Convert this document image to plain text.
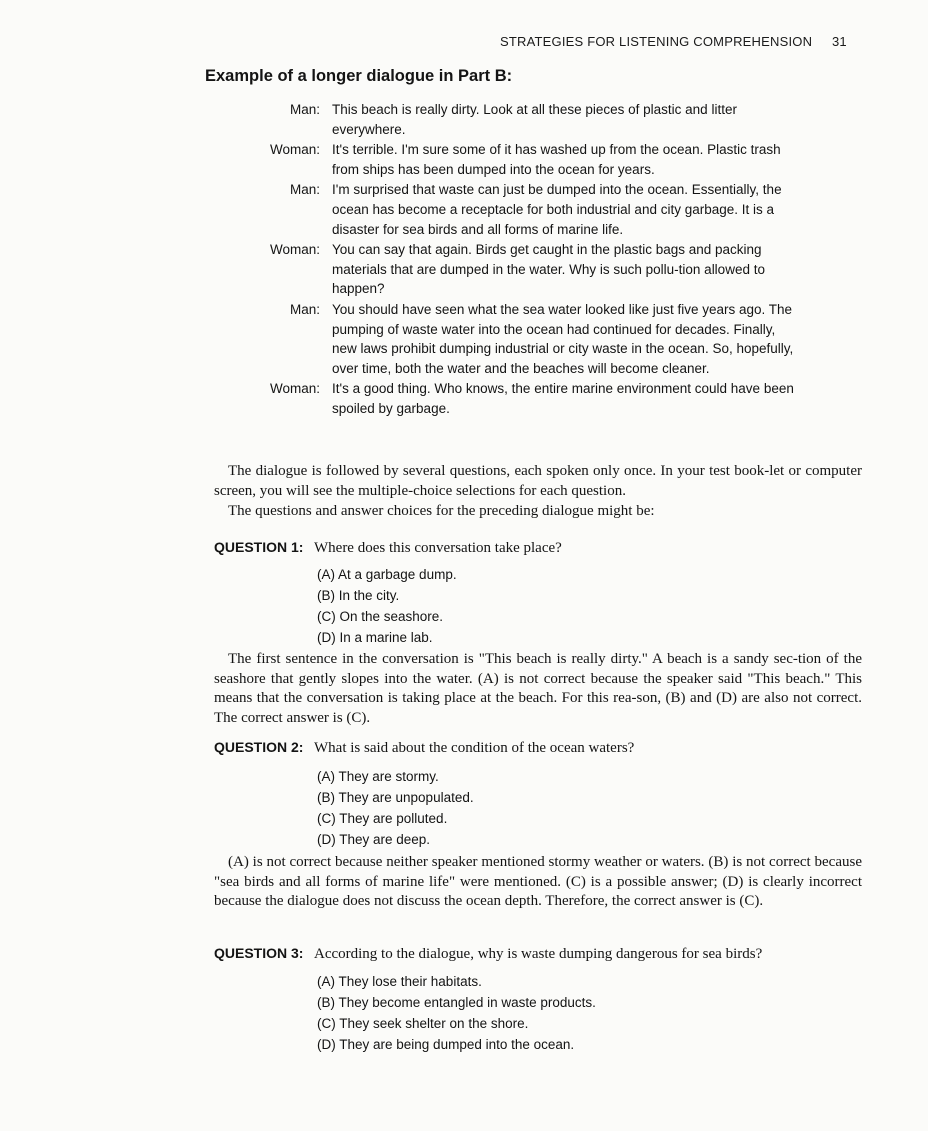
STRATEGIES FOR LISTENING COMPREHENSION 31
Example of a longer dialogue in Part B:
Man: This beach is really dirty. Look at all these pieces of plastic and litter everywhere.
Woman: It's terrible. I'm sure some of it has washed up from the ocean. Plastic trash from ships has been dumped into the ocean for years.
Man: I'm surprised that waste can just be dumped into the ocean. Essentially, the ocean has become a receptacle for both industrial and city garbage. It is a disaster for sea birds and all forms of marine life.
Woman: You can say that again. Birds get caught in the plastic bags and packing materials that are dumped in the water. Why is such pollu-tion allowed to happen?
Man: You should have seen what the sea water looked like just five years ago. The pumping of waste water into the ocean had continued for decades. Finally, new laws prohibit dumping industrial or city waste in the ocean. So, hopefully, over time, both the water and the beaches will become cleaner.
Woman: It's a good thing. Who knows, the entire marine environment could have been spoiled by garbage.
The dialogue is followed by several questions, each spoken only once. In your test book-let or computer screen, you will see the multiple-choice selections for each question.
The questions and answer choices for the preceding dialogue might be:
QUESTION 1: Where does this conversation take place?
(A) At a garbage dump.
(B) In the city.
(C) On the seashore.
(D) In a marine lab.
The first sentence in the conversation is "This beach is really dirty." A beach is a sandy sec-tion of the seashore that gently slopes into the water. (A) is not correct because the speaker said "This beach." This means that the conversation is taking place at the beach. For this rea-son, (B) and (D) are also not correct. The correct answer is (C).
QUESTION 2: What is said about the condition of the ocean waters?
(A) They are stormy.
(B) They are unpopulated.
(C) They are polluted.
(D) They are deep.
(A) is not correct because neither speaker mentioned stormy weather or waters. (B) is not correct because "sea birds and all forms of marine life" were mentioned. (C) is a possible answer; (D) is clearly incorrect because the dialogue does not discuss the ocean depth. Therefore, the correct answer is (C).
QUESTION 3: According to the dialogue, why is waste dumping dangerous for sea birds?
(A) They lose their habitats.
(B) They become entangled in waste products.
(C) They seek shelter on the shore.
(D) They are being dumped into the ocean.
